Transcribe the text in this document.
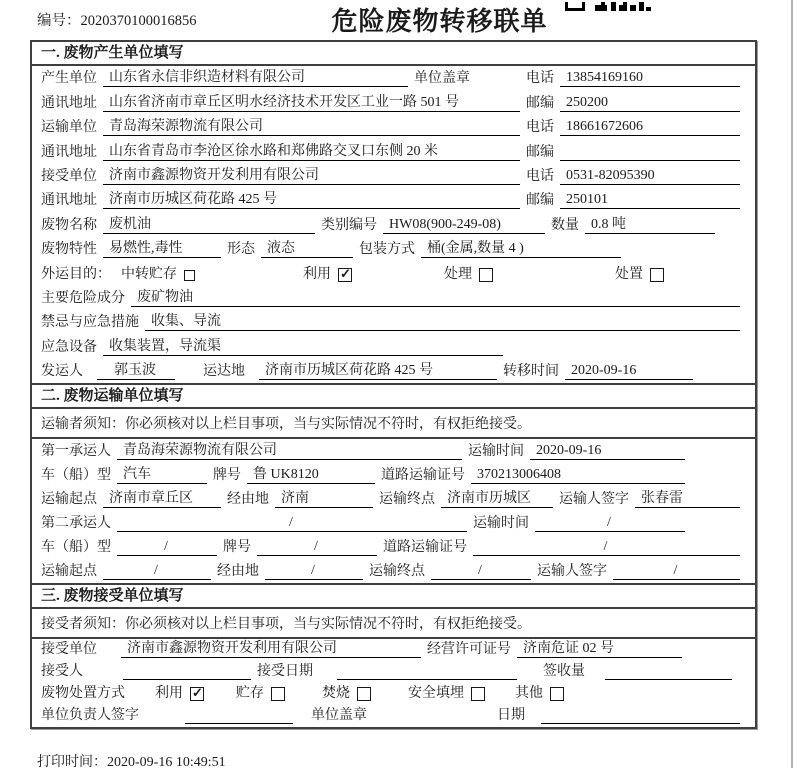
编号：2020370100016856	危险废物转移联单
一. 废物产生单位填写
产生单位 山东省永信非织造材料有限公司	单位盖章	电话 13854169160
通讯地址 山东省济南市章丘区明水经济技术开发区工业一路 501 号	邮编 250200
运输单位 青岛海荣源物流有限公司	电话 18661672606
通讯地址 山东省青岛市李沧区徐水路和郑佛路交叉口东侧 20 米	邮编
接受单位 济南市鑫源物资开发利用有限公司	电话 0531-82095390
通讯地址 济南市历城区荷花路 425 号	邮编 250101
废物名称 废机油	类别编号 HW08(900-249-08)	数量 0.8 吨
废物特性 易燃性,毒性	形态 液态	包装方式 桶(金属,数量 4 )
外运目的： 中转贮存	利用 ✓	处理	处置
主要危险成分 废矿物油
禁忌与应急措施 收集、导流
应急设备 收集装置，导流渠
发运人	郭玉波	运达地	济南市历城区荷花路 425 号	转移时间 2020-09-16
二. 废物运输单位填写
运输者须知：你必须核对以上栏目事项，当与实际情况不符时，有权拒绝接受。
第一承运人 青岛海荣源物流有限公司	运输时间 2020-09-16
车（船）型 汽车	牌号 鲁 UK8120	道路运输证号 370213006408
运输起点 济南市章丘区	经由地 济南	运输终点 济南市历城区	运输人签字 张春雷
第二承运人	/	运输时间	/
车（船）型	/	牌号	/	道路运输证号	/
运输起点	/	经由地	/	运输终点	/	运输人签字	/
三. 废物接受单位填写
接受者须知：你必须核对以上栏目事项，当与实际情况不符时，有权拒绝接受。
接受单位	济南市鑫源物资开发利用有限公司	经营许可证号 济南危证 02 号
接受人	接受日期	签收量
废物处置方式 利用 ✓	贮存	焚烧	安全填埋	其他
单位负责人签字	单位盖章	日期
打印时间：2020-09-16 10:49:51
